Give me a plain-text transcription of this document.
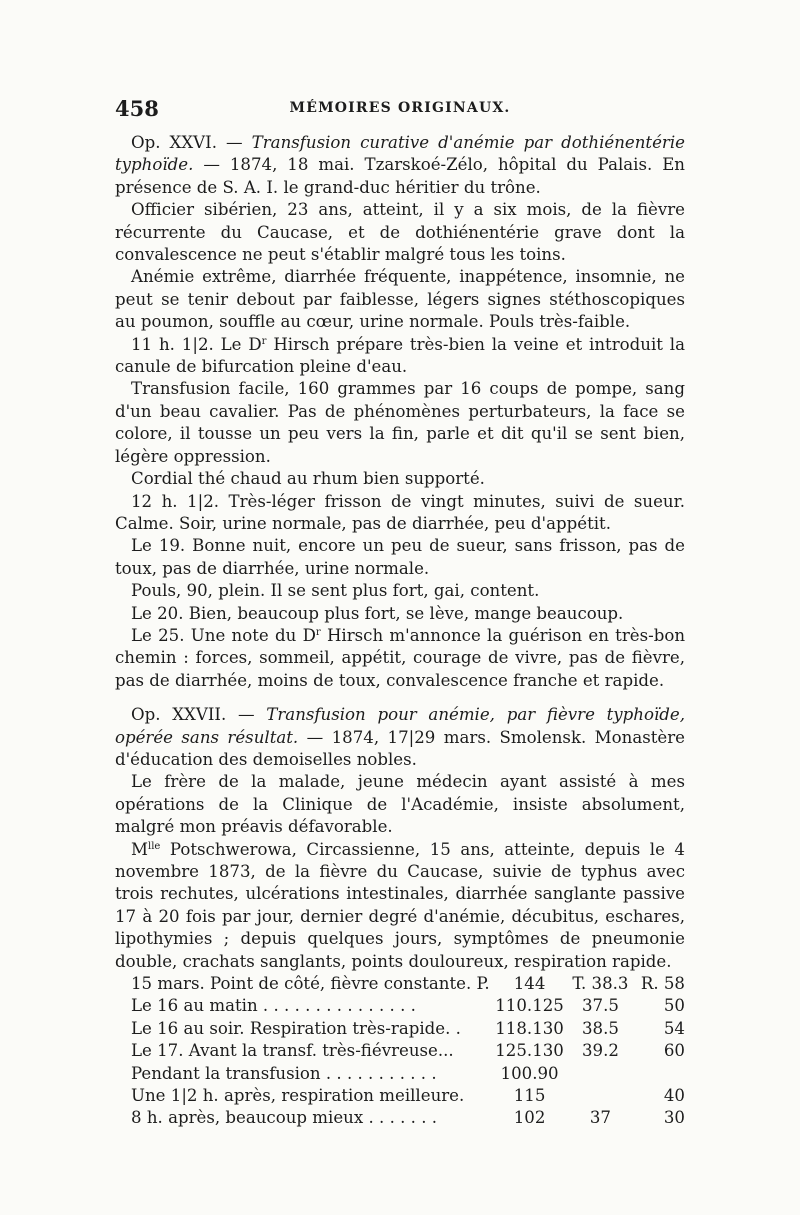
458	MÉMOIRES ORIGINAUX.

Op. XXVI. — Transfusion curative d'anémie par dothiénentérie typhoïde. — 1874, 18 mai. Tzarskoé-Zélo, hôpital du Palais. En présence de S. A. I. le grand-duc héritier du trône.

Officier sibérien, 23 ans, atteint, il y a six mois, de la fièvre récurrente du Caucase, et de dothiénentérie grave dont la convalescence ne peut s'établir malgré tous les toins.

Anémie extrême, diarrhée fréquente, inappétence, insomnie, ne peut se tenir debout par faiblesse, légers signes stéthoscopiques au poumon, souffle au cœur, urine normale. Pouls très-faible.

11 h. 1|2. Le $D^r$ Hirsch prépare très-bien la veine et introduit la canule de bifurcation pleine d'eau.

Transfusion facile, 160 grammes par 16 coups de pompe, sang d'un beau cavalier. Pas de phénomènes perturbateurs, la face se colore, il tousse un peu vers la fin, parle et dit qu'il se sent bien, légère oppression.

Cordial thé chaud au rhum bien supporté.

12 h. 1|2. Très-léger frisson de vingt minutes, suivi de sueur. Calme. Soir, urine normale, pas de diarrhée, peu d'appétit.

Le 19. Bonne nuit, encore un peu de sueur, sans frisson, pas de toux, pas de diarrhée, urine normale.

Pouls, 90, plein. Il se sent plus fort, gai, content.

Le 20. Bien, beaucoup plus fort, se lève, mange beaucoup.

Le 25. Une note du $D^r$ Hirsch m'annonce la guérison en très-bon chemin : forces, sommeil, appétit, courage de vivre, pas de fièvre, pas de diarrhée, moins de toux, convalescence franche et rapide.

Op. XXVII. — Transfusion pour anémie, par fièvre typhoïde, opérée sans résultat. — 1874, 17|29 mars. Smolensk. Monastère d'éducation des demoiselles nobles.

Le frère de la malade, jeune médecin ayant assisté à mes opérations de la Clinique de l'Académie, insiste absolument, malgré mon préavis défavorable.

$M^{lle}$ Potschwerowa, Circassienne, 15 ans, atteinte, depuis le 4 novembre 1873, de la fièvre du Caucase, suivie de typhus avec trois rechutes, ulcérations intestinales, diarrhée sanglante passive 17 à 20 fois par jour, dernier degré d'anémie, décubitus, eschares, lipothymies ; depuis quelques jours, symptômes de pneumonie double, crachats sanglants, points douloureux, respiration rapide.

15 mars. Point de côté, fièvre constante. P.	144	T. 38.3	R. 58
Le 16 au matin . . . . . . . . . . . . . . .	110.125	37.5	50
Le 16 au soir. Respiration très-rapide. .	118.130	38.5	54
Le 17. Avant la transf. très-fiévreuse...	125.130	39.2	60
Pendant la transfusion . . . . . . . . . . .	100.90		
Une 1|2 h. après, respiration meilleure.	115		40
8 h. après, beaucoup mieux . . . . . . .	102	37	30
